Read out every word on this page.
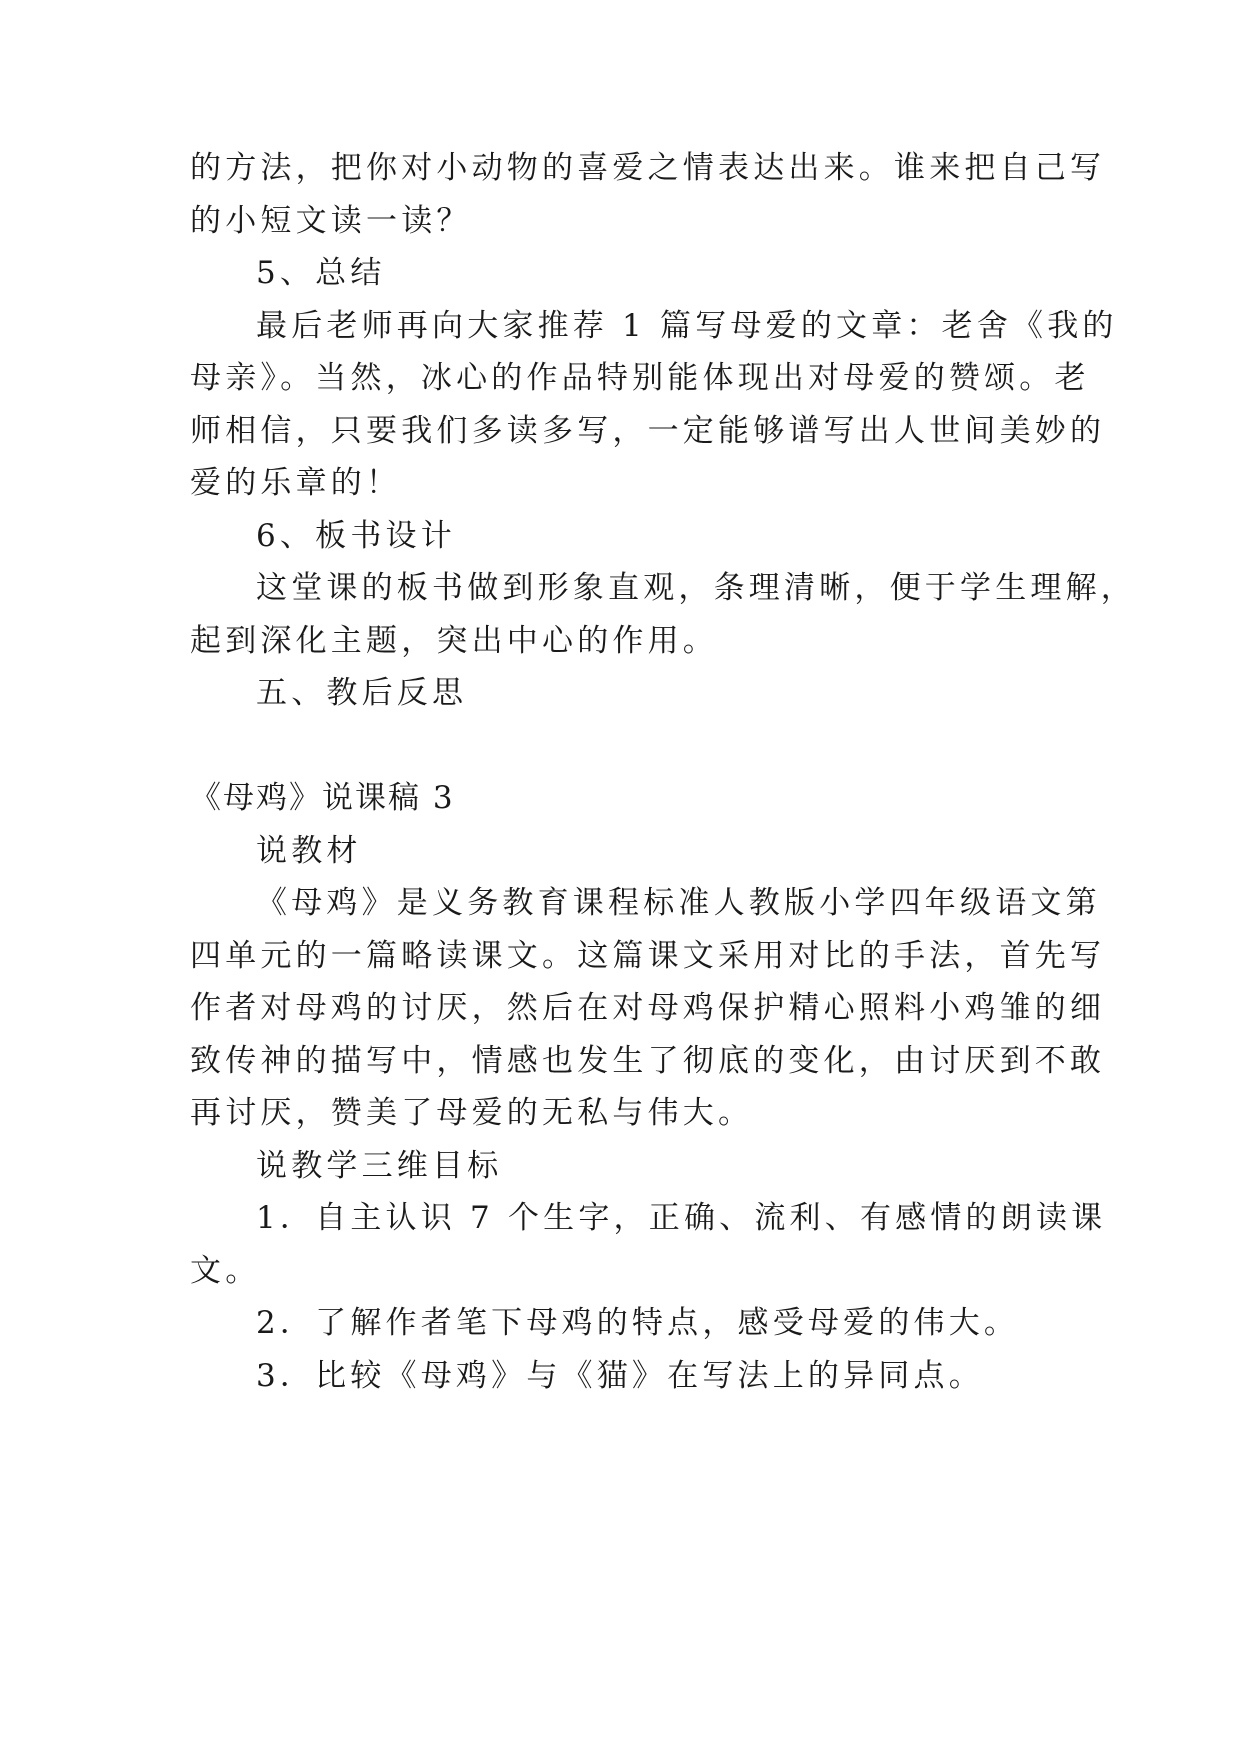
的方法，把你对小动物的喜爱之情表达出来。谁来把自己写
的小短文读一读？
5、总结
最后老师再向大家推荐 1 篇写母爱的文章：老舍《我的
母亲》。当然，冰心的作品特别能体现出对母爱的赞颂。老
师相信，只要我们多读多写，一定能够谱写出人世间美妙的
爱的乐章的！
6、板书设计
这堂课的板书做到形象直观，条理清晰，便于学生理解，
起到深化主题，突出中心的作用。
五、教后反思
《母鸡》说课稿 3
说教材
《母鸡》是义务教育课程标准人教版小学四年级语文第
四单元的一篇略读课文。这篇课文采用对比的手法，首先写
作者对母鸡的讨厌，然后在对母鸡保护精心照料小鸡雏的细
致传神的描写中，情感也发生了彻底的变化，由讨厌到不敢
再讨厌，赞美了母爱的无私与伟大。
说教学三维目标
1．自主认识 7 个生字，正确、流利、有感情的朗读课
文。
2．了解作者笔下母鸡的特点，感受母爱的伟大。
3．比较《母鸡》与《猫》在写法上的异同点。
